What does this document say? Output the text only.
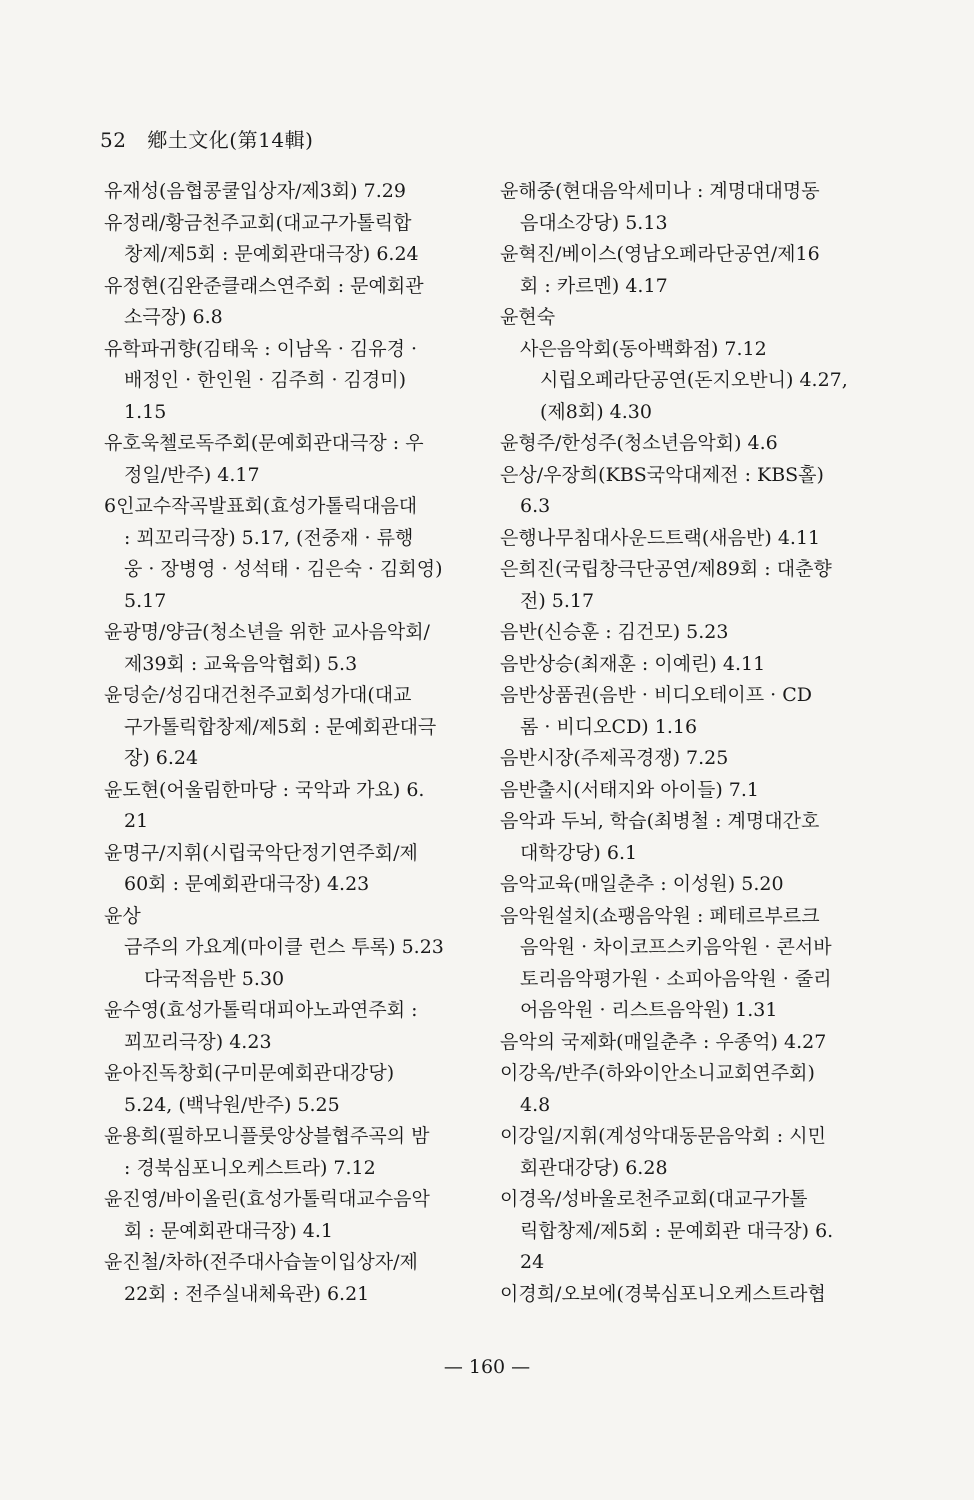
52 鄕土文化(第14輯)
유재성(음협콩쿨입상자/제3회) 7.29
유정래/황금천주교회(대교구가톨릭합
창제/제5회 : 문예회관대극장) 6.24
유정현(김완준클래스연주회 : 문예회관
소극장) 6.8
유학파귀향(김태욱 : 이남옥 · 김유경 ·
배정인 · 한인원 · 김주희 · 김경미)
1.15
유호욱첼로독주회(문예회관대극장 : 우
정일/반주) 4.17
6인교수작곡발표회(효성가톨릭대음대
: 꾀꼬리극장) 5.17, (전중재 · 류행
웅 · 장병영 · 성석태 · 김은숙 · 김회영)
5.17
윤광명/양금(청소년을 위한 교사음악회/
제39회 : 교육음악협회) 5.3
윤덩순/성김대건천주교회성가대(대교
구가톨릭합창제/제5회 : 문예회관대극
장) 6.24
윤도현(어울림한마당 : 국악과 가요) 6.
21
윤명구/지휘(시립국악단정기연주회/제
60회 : 문예회관대극장) 4.23
윤상
금주의 가요계(마이클 런스 투록) 5.23
다국적음반 5.30
윤수영(효성가톨릭대피아노과연주회 :
꾀꼬리극장) 4.23
윤아진독창회(구미문예회관대강당)
5.24, (백낙원/반주) 5.25
윤용희(필하모니플룻앙상블협주곡의 밤
: 경북심포니오케스트라) 7.12
윤진영/바이올린(효성가톨릭대교수음악
회 : 문예회관대극장) 4.1
윤진철/차하(전주대사습놀이입상자/제
22회 : 전주실내체육관) 6.21
윤해중(현대음악세미나 : 계명대대명동
음대소강당) 5.13
윤혁진/베이스(영남오페라단공연/제16
회 : 카르멘) 4.17
윤현숙
사은음악회(동아백화점) 7.12
시립오페라단공연(돈지오반니) 4.27,
(제8회) 4.30
윤형주/한성주(청소년음악회) 4.6
은상/우장희(KBS국악대제전 : KBS홀)
6.3
은행나무침대사운드트랙(새음반) 4.11
은희진(국립창극단공연/제89회 : 대춘향
전) 5.17
음반(신승훈 : 김건모) 5.23
음반상승(최재훈 : 이예린) 4.11
음반상품권(음반 · 비디오테이프 · CD
롬 · 비디오CD) 1.16
음반시장(주제곡경쟁) 7.25
음반출시(서태지와 아이들) 7.1
음악과 두뇌, 학습(최병철 : 계명대간호
대학강당) 6.1
음악교육(매일춘추 : 이성원) 5.20
음악원설치(쇼팽음악원 : 페테르부르크
음악원 · 차이코프스키음악원 · 콘서바
토리음악평가원 · 소피아음악원 · 줄리
어음악원 · 리스트음악원) 1.31
음악의 국제화(매일춘추 : 우종억) 4.27
이강옥/반주(하와이안소니교회연주회)
4.8
이강일/지휘(계성악대동문음악회 : 시민
회관대강당) 6.28
이경옥/성바울로천주교회(대교구가톨
릭합창제/제5회 : 문예회관 대극장) 6.
24
이경희/오보에(경북심포니오케스트라협
— 160 —
